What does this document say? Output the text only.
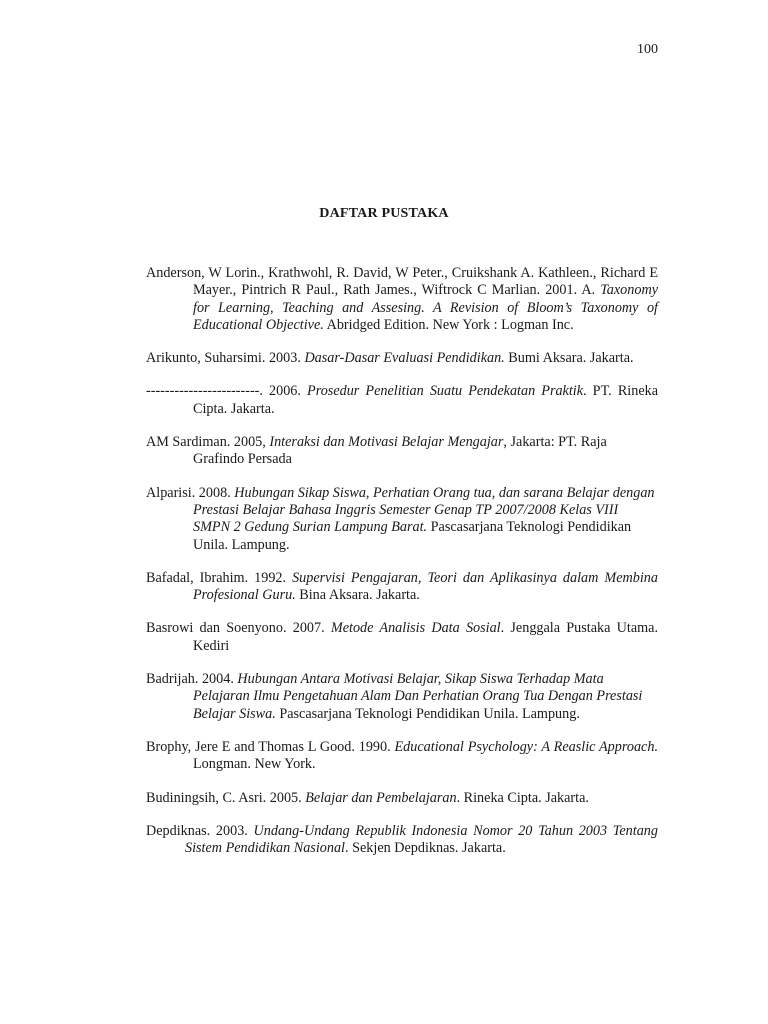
100
DAFTAR PUSTAKA

Anderson, W Lorin., Krathwohl, R. David, W Peter., Cruikshank A. Kathleen., Richard E Mayer., Pintrich R Paul., Rath James., Wiftrock C Marlian. 2001. A. Taxonomy for Learning, Teaching and Assesing. A Revision of Bloom’s Taxonomy of Educational Objective. Abridged Edition. New York : Logman Inc.

Arikunto, Suharsimi. 2003. Dasar-Dasar Evaluasi Pendidikan. Bumi Aksara. Jakarta.

------------------------. 2006. Prosedur Penelitian Suatu Pendekatan Praktik. PT. Rineka Cipta. Jakarta.

AM Sardiman. 2005, Interaksi dan Motivasi Belajar Mengajar, Jakarta: PT. Raja Grafindo Persada

Alparisi. 2008. Hubungan Sikap Siswa, Perhatian Orang tua, dan sarana Belajar dengan Prestasi Belajar Bahasa Inggris Semester Genap TP 2007/2008 Kelas VIII SMPN 2 Gedung Surian Lampung Barat. Pascasarjana Teknologi Pendidikan Unila. Lampung.

Bafadal, Ibrahim. 1992. Supervisi Pengajaran, Teori dan Aplikasinya dalam Membina Profesional Guru. Bina Aksara. Jakarta.

Basrowi dan Soenyono. 2007. Metode Analisis Data Sosial. Jenggala Pustaka Utama. Kediri

Badrijah. 2004. Hubungan Antara Motivasi Belajar, Sikap Siswa Terhadap Mata Pelajaran Ilmu Pengetahuan Alam Dan Perhatian Orang Tua Dengan Prestasi Belajar Siswa. Pascasarjana Teknologi Pendidikan Unila. Lampung.

Brophy, Jere E and Thomas L Good. 1990. Educational Psychology: A Reaslic Approach. Longman. New York.

Budiningsih, C. Asri. 2005. Belajar dan Pembelajaran. Rineka Cipta. Jakarta.

Depdiknas. 2003. Undang-Undang Republik Indonesia Nomor 20 Tahun 2003 Tentang Sistem Pendidikan Nasional. Sekjen Depdiknas. Jakarta.
